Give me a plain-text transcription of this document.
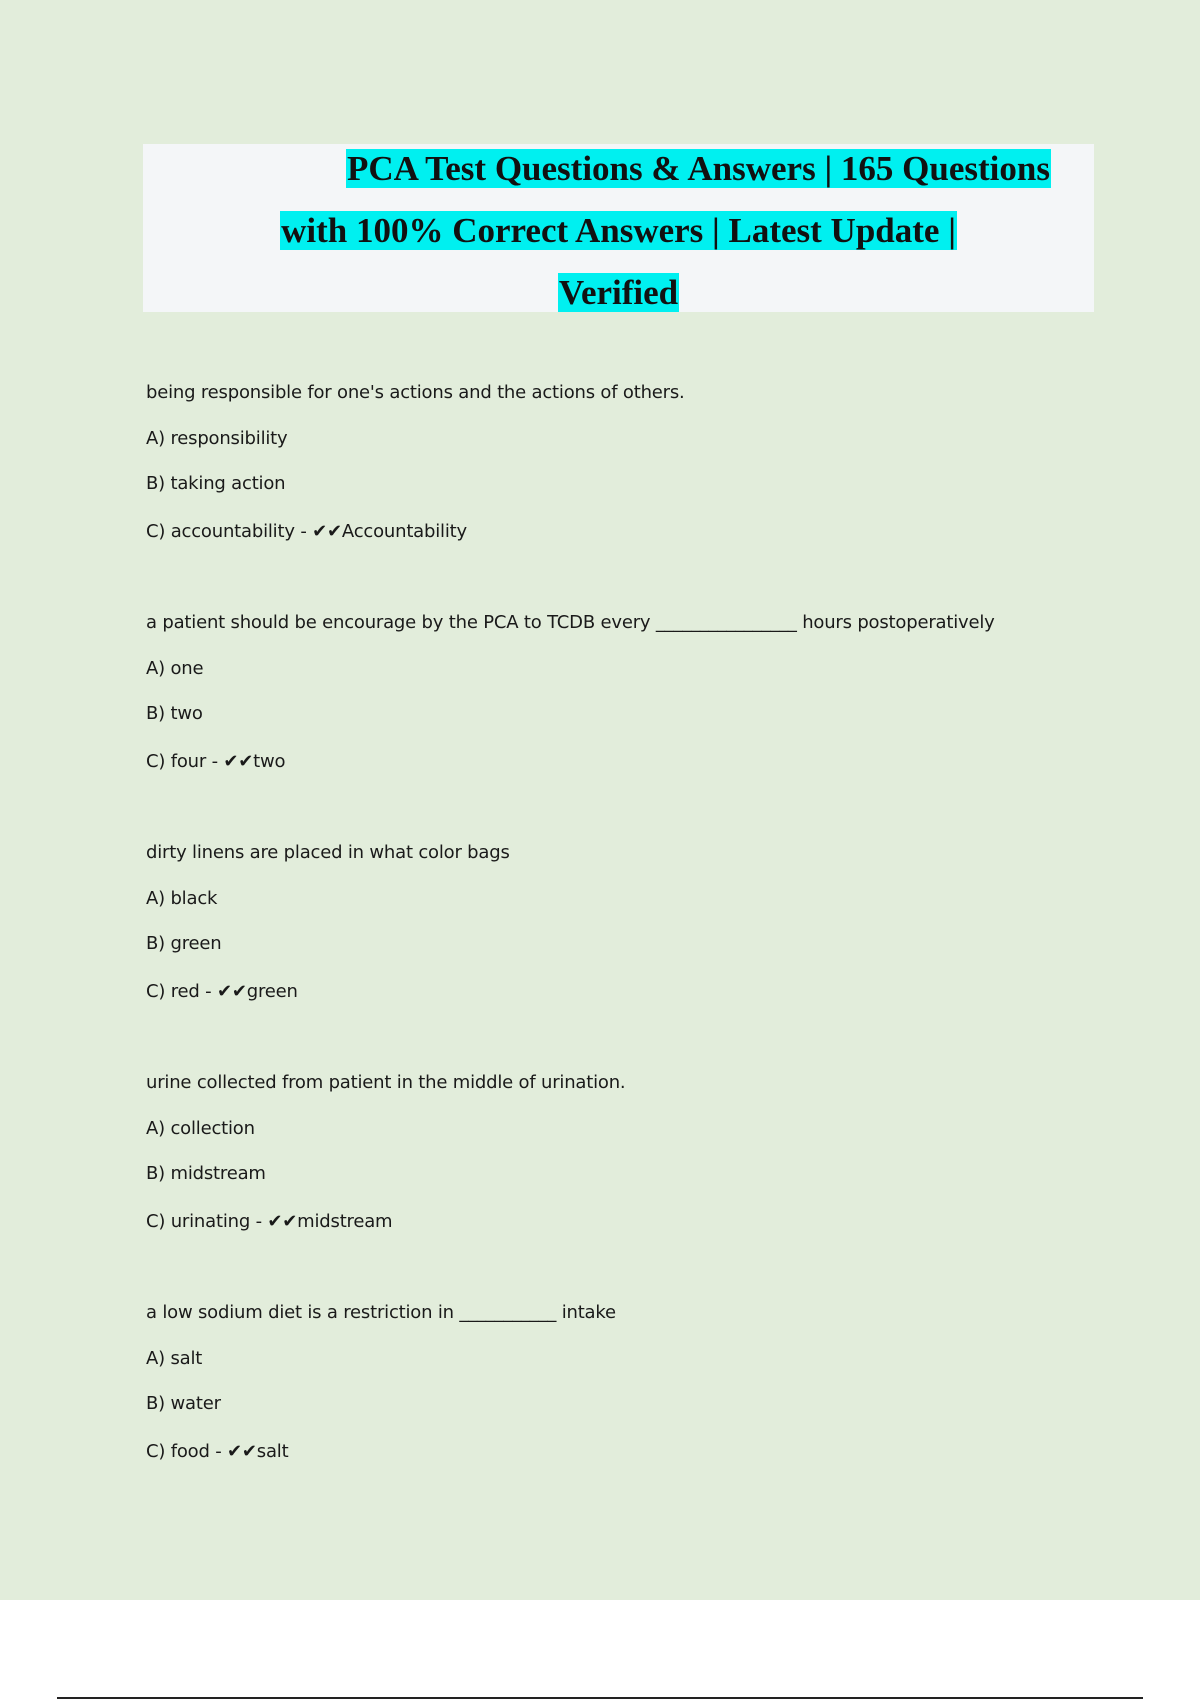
PCA Test Questions & Answers | 165 Questions
with 100% Correct Answers | Latest Update |
Verified
being responsible for one's actions and the actions of others.
A) responsibility
B) taking action
C) accountability - ✔✔Accountability
a patient should be encourage by the PCA to TCDB every ________________ hours postoperatively
A) one
B) two
C) four - ✔✔two
dirty linens are placed in what color bags
A) black
B) green
C) red - ✔✔green
urine collected from patient in the middle of urination.
A) collection
B) midstream
C) urinating - ✔✔midstream
a low sodium diet is a restriction in ___________ intake
A) salt
B) water
C) food - ✔✔salt
